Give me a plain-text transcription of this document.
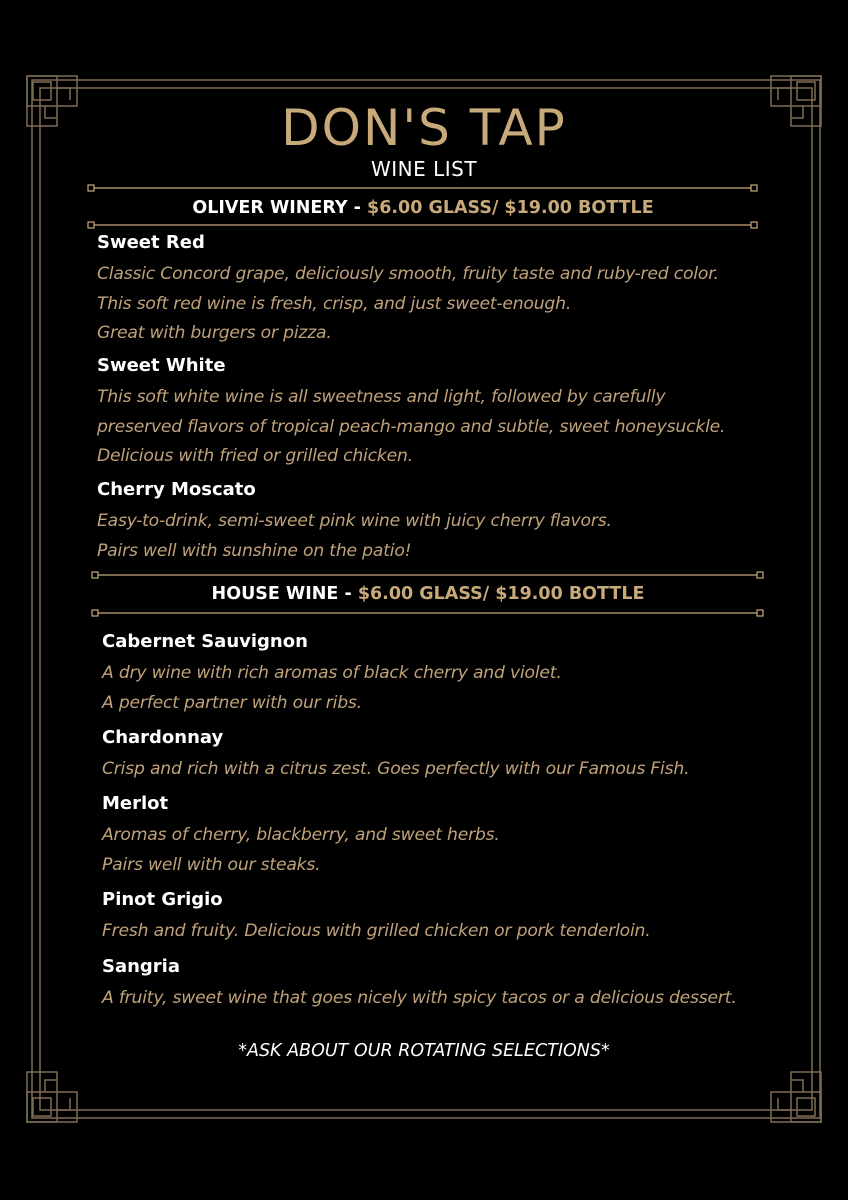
DON'S TAP
WINE LIST
OLIVER WINERY - $6.00 GLASS/ $19.00 BOTTLE
Sweet Red
Classic Concord grape, deliciously smooth, fruity taste and ruby-red color.
This soft red wine is fresh, crisp, and just sweet-enough.
Great with burgers or pizza.
Sweet White
This soft white wine is all sweetness and light, followed by carefully
preserved flavors of tropical peach-mango and subtle, sweet honeysuckle.
Delicious with fried or grilled chicken.
Cherry Moscato
Easy-to-drink, semi-sweet pink wine with juicy cherry flavors.
Pairs well with sunshine on the patio!
HOUSE WINE - $6.00 GLASS/ $19.00 BOTTLE
Cabernet Sauvignon
A dry wine with rich aromas of black cherry and violet.
A perfect partner with our ribs.
Chardonnay
Crisp and rich with a citrus zest. Goes perfectly with our Famous Fish.
Merlot
Aromas of cherry, blackberry, and sweet herbs.
Pairs well with our steaks.
Pinot Grigio
Fresh and fruity. Delicious with grilled chicken or pork tenderloin.
Sangria
A fruity, sweet wine that goes nicely with spicy tacos or a delicious dessert.
*ASK ABOUT OUR ROTATING SELECTIONS*
